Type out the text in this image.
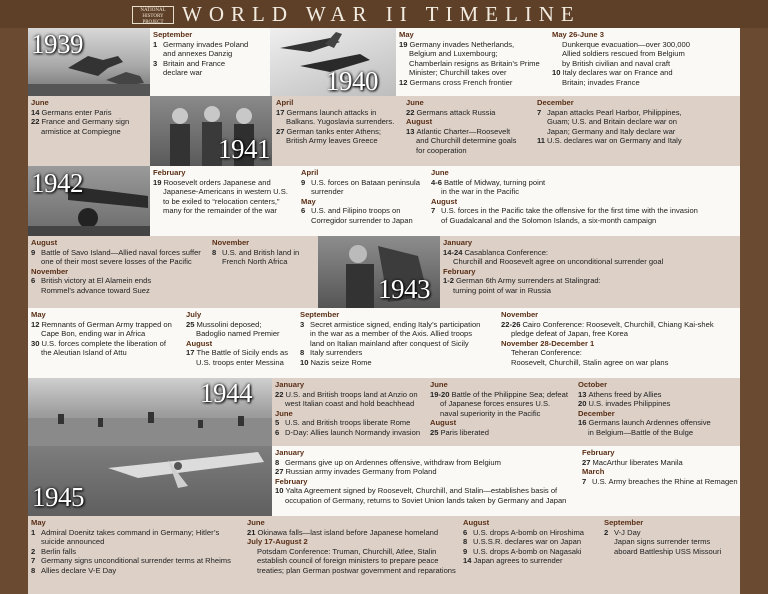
NATIONAL HISTORY PROJECT WORLD WAR II TIMELINE
1939
1940
1941
1942
1943
1944
1945
September
1 Germany invades Poland
and annexes Danzig
3 Britain and France
declare war
May
19 Germany invades Netherlands,
Belgium and Luxembourg;
Chamberlain resigns as Britain’s Prime
Minister; Churchill takes over
12 Germans cross French frontier
May 26-June 3
Dunkerque evacuation—over 300,000
Allied soldiers rescued from Belgium
by British civilian and naval craft
10 Italy declares war on France and
Britain; invades France
June
14 Germans enter Paris
22 France and Germany sign
armistice at Compiegne
April
17 Germans launch attacks in
Balkans. Yugoslavia surrenders.
27 German tanks enter Athens;
British Army leaves Greece
June
22 Germans attack Russia
August
13 Atlantic Charter—Roosevelt
and Churchill determine goals
for cooperation
December
7 Japan attacks Pearl Harbor, Philippines,
Guam; U.S. and Britain declare war on
Japan; Germany and Italy declare war
11 U.S. declares war on Germany and Italy
February
19 Roosevelt orders Japanese and
Japanese-Americans in western U.S.
to be exiled to “relocation centers,”
many for the remainder of the war
April
9 U.S. forces on Bataan peninsula
surrender
May
6 U.S. and Filipino troops on
Corregidor surrender to Japan
June
4-6 Battle of Midway, turning point
in the war in the Pacific
August
7 U.S. forces in the Pacific take the offensive for the first time with the invasion
of Guadalcanal and the Solomon Islands, a six-month campaign
August
9 Battle of Savo Island—Allied naval forces suffer
one of their most severe losses of the Pacific
November
6 British victory at El Alamein ends
Rommel’s advance toward Suez
November
8 U.S. and British land in
French North Africa
January
14-24 Casablanca Conference:
Churchill and Roosevelt agree on unconditional surrender goal
February
1-2 German 6th Army surrenders at Stalingrad:
turning point of war in Russia
May
12 Remnants of German Army trapped on
Cape Bon, ending war in Africa
30 U.S. forces complete the liberation of
the Aleutian Island of Attu
July
25 Mussolini deposed;
Badoglio named Premier
August
17 The Battle of Sicily ends as
U.S. troops enter Messina
September
3 Secret armistice signed, ending Italy’s participation
in the war as a member of the Axis. Allied troops
land on Italian mainland after conquest of Sicily
8 Italy surrenders
10 Nazis seize Rome
November
22-26 Cairo Conference: Roosevelt, Churchill, Chiang Kai-shek
pledge defeat of Japan, free Korea
November 28-December 1
Teheran Conference:
Roosevelt, Churchill, Stalin agree on war plans
January
22 U.S. and British troops land at Anzio on
west Italian coast and hold beachhead
June
5 U.S. and British troops liberate Rome
6 D-Day: Allies launch Normandy invasion
June
19-20 Battle of the Philippine Sea; defeat
of Japanese forces ensures U.S.
naval superiority in the Pacific
August
25 Paris liberated
October
13 Athens freed by Allies
20 U.S. invades Philippines
December
16 Germans launch Ardennes offensive
in Belgium—Battle of the Bulge
January
8 Germans give up on Ardennes offensive, withdraw from Belgium
27 Russian army invades Germany from Poland
February
10 Yalta Agreement signed by Roosevelt, Churchill, and Stalin—establishes basis of
occupation of Germany, returns to Soviet Union lands taken by Germany and Japan
February
27 MacArthur liberates Manila
March
7 U.S. Army breaches the Rhine at Remagen
May
1 Admiral Doenitz takes command in Germany; Hitler’s
suicide announced
2 Berlin falls
7 Germany signs unconditional surrender terms at Rheims
8 Allies declare V-E Day
June
21 Okinawa falls—last island before Japanese homeland
July 17-August 2
Potsdam Conference: Truman, Churchill, Atlee, Stalin
establish council of foreign ministers to prepare peace
treaties; plan German postwar government and reparations
August
6 U.S. drops A-bomb on Hiroshima
8 U.S.S.R. declares war on Japan
9 U.S. drops A-bomb on Nagasaki
14 Japan agrees to surrender
September
2 V-J Day
Japan signs surrender terms
aboard Battleship USS Missouri
